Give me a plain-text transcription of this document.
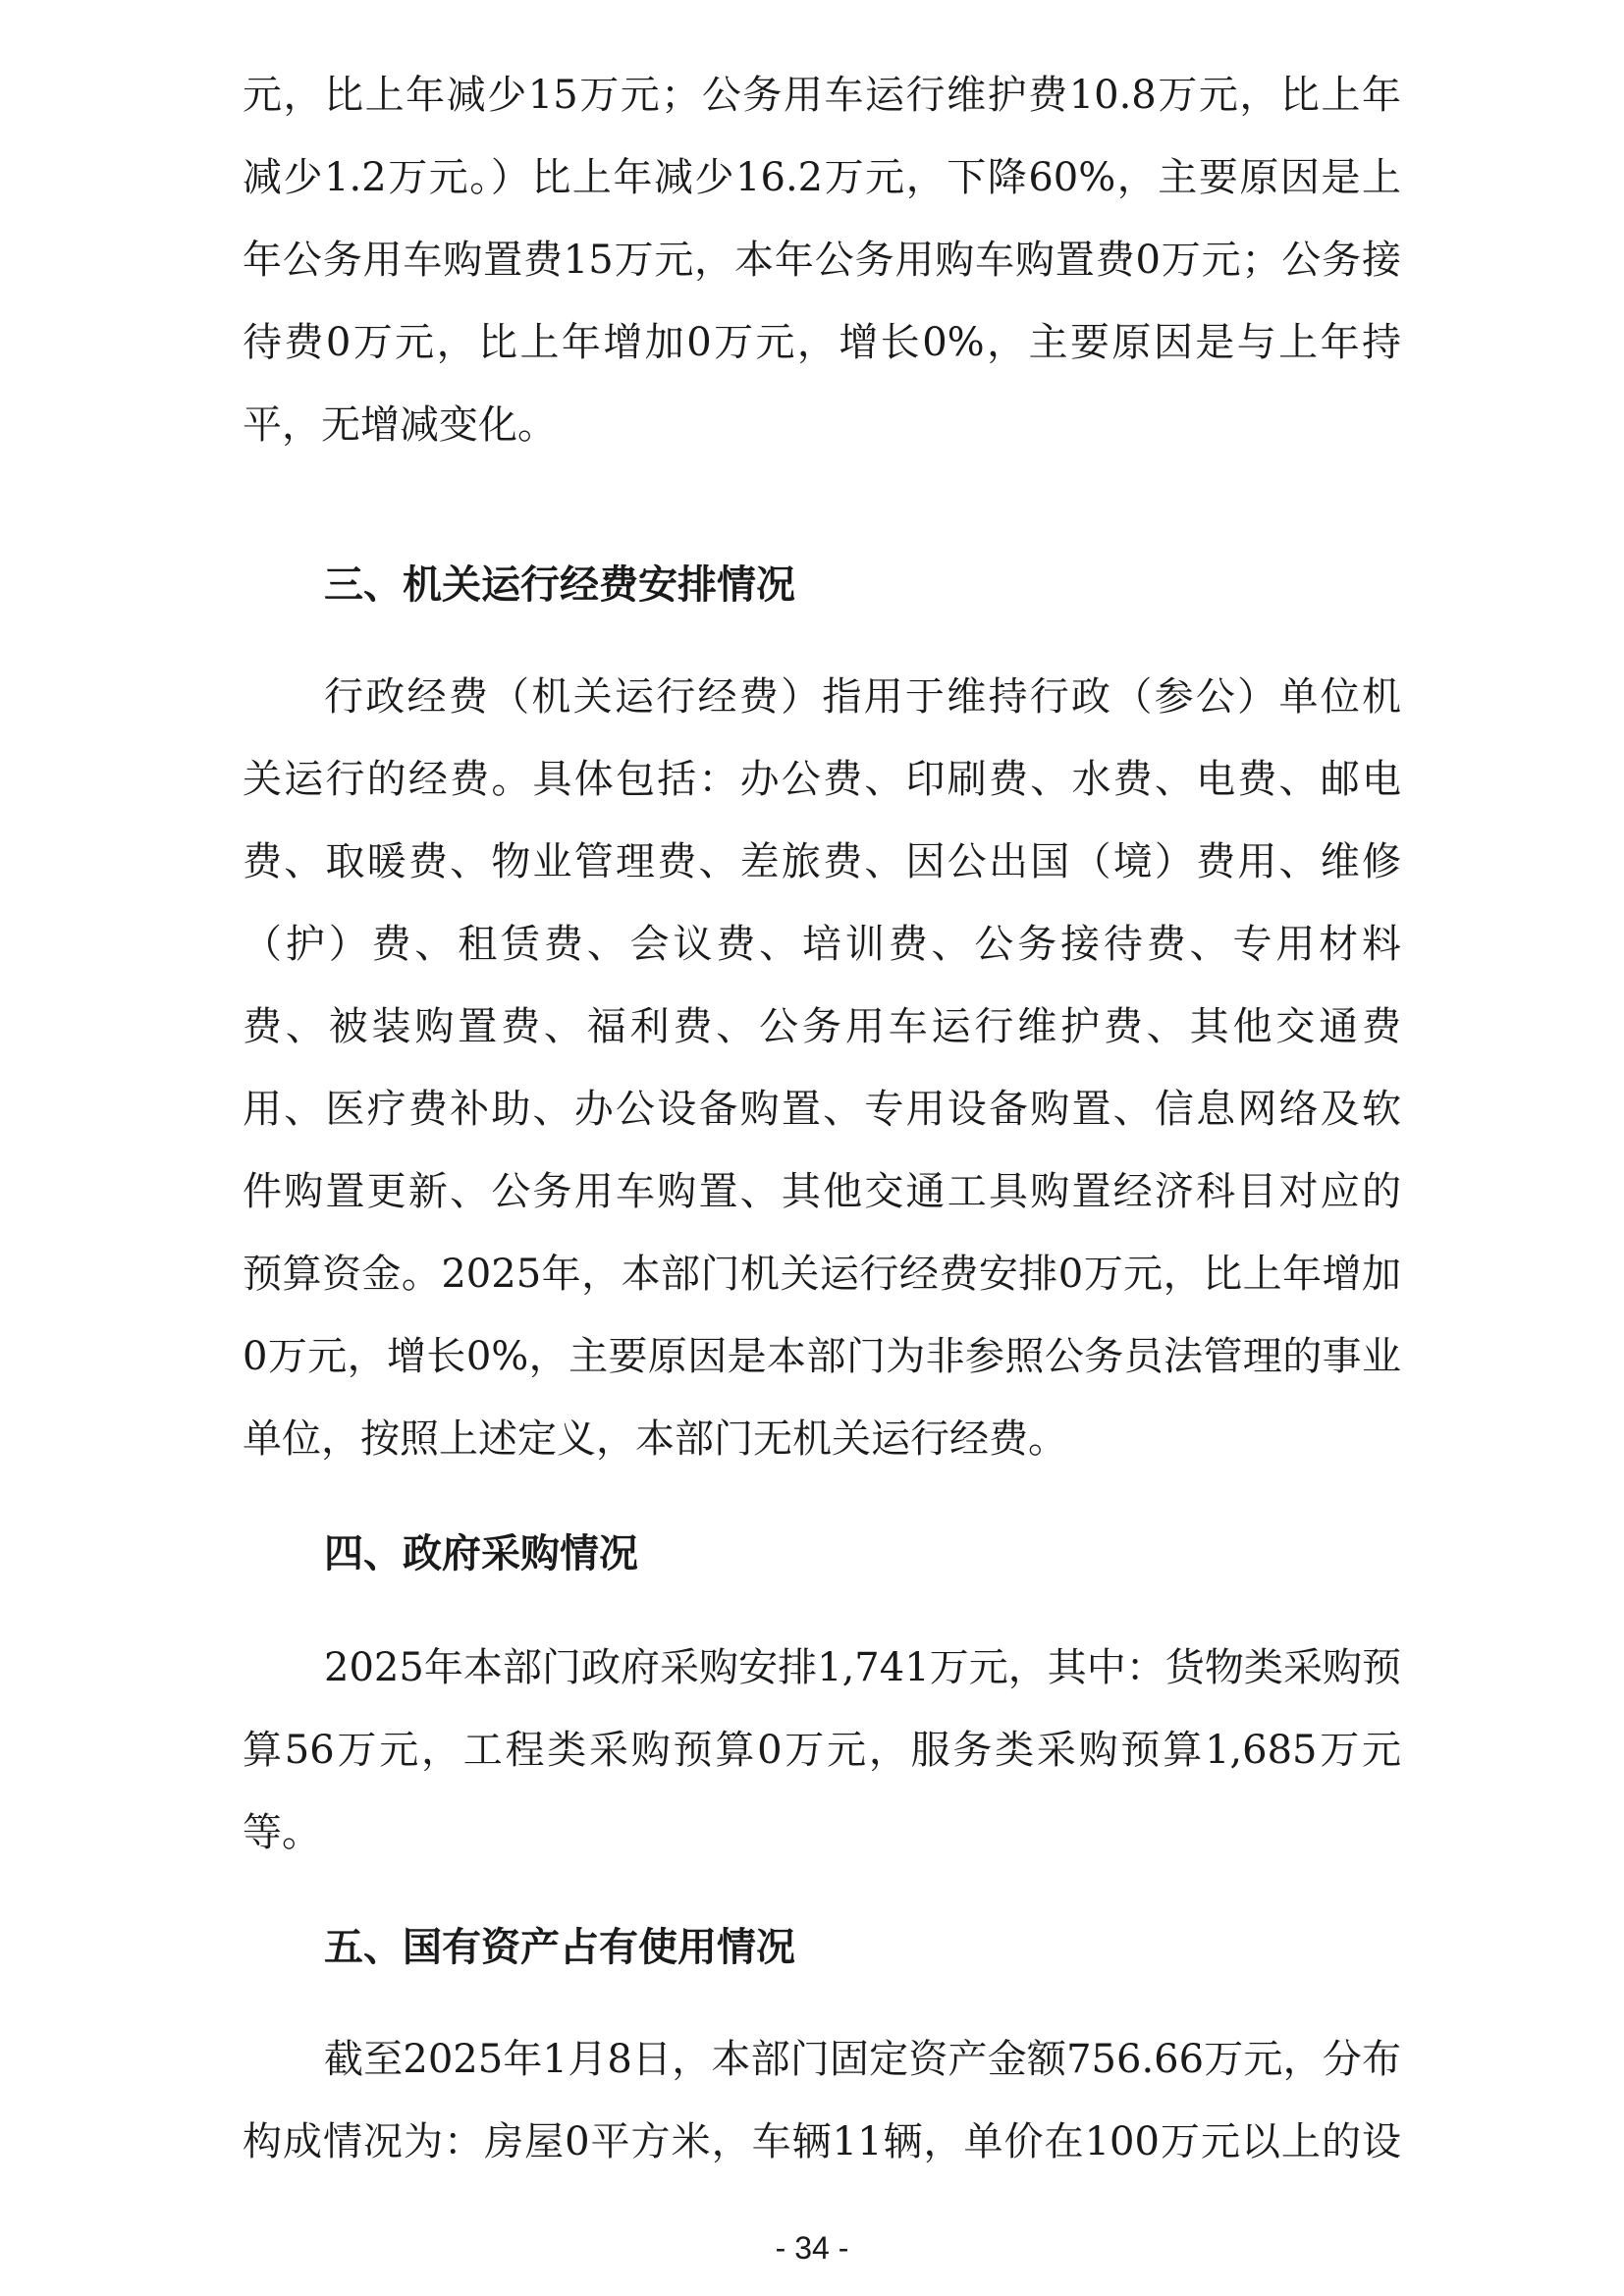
元，比上年减少15万元；公务用车运行维护费10.8万元，比上年
减少1.2万元。）比上年减少16.2万元，下降60%，主要原因是上
年公务用车购置费15万元，本年公务用购车购置费0万元；公务接
待费0万元，比上年增加0万元，增长0%，主要原因是与上年持
平，无增减变化。
三、机关运行经费安排情况
行政经费（机关运行经费）指用于维持行政（参公）单位机
关运行的经费。具体包括：办公费、印刷费、水费、电费、邮电
费、取暖费、物业管理费、差旅费、因公出国（境）费用、维修
（护）费、租赁费、会议费、培训费、公务接待费、专用材料
费、被装购置费、福利费、公务用车运行维护费、其他交通费
用、医疗费补助、办公设备购置、专用设备购置、信息网络及软
件购置更新、公务用车购置、其他交通工具购置经济科目对应的
预算资金。2025年，本部门机关运行经费安排0万元，比上年增加
0万元，增长0%，主要原因是本部门为非参照公务员法管理的事业
单位，按照上述定义，本部门无机关运行经费。
四、政府采购情况
2025年本部门政府采购安排1,741万元，其中：货物类采购预
算56万元，工程类采购预算0万元，服务类采购预算1,685万元
等。
五、国有资产占有使用情况
截至2025年1月8日，本部门固定资产金额756.66万元，分布
构成情况为：房屋0平方米，车辆11辆，单价在100万元以上的设
- 34 -
